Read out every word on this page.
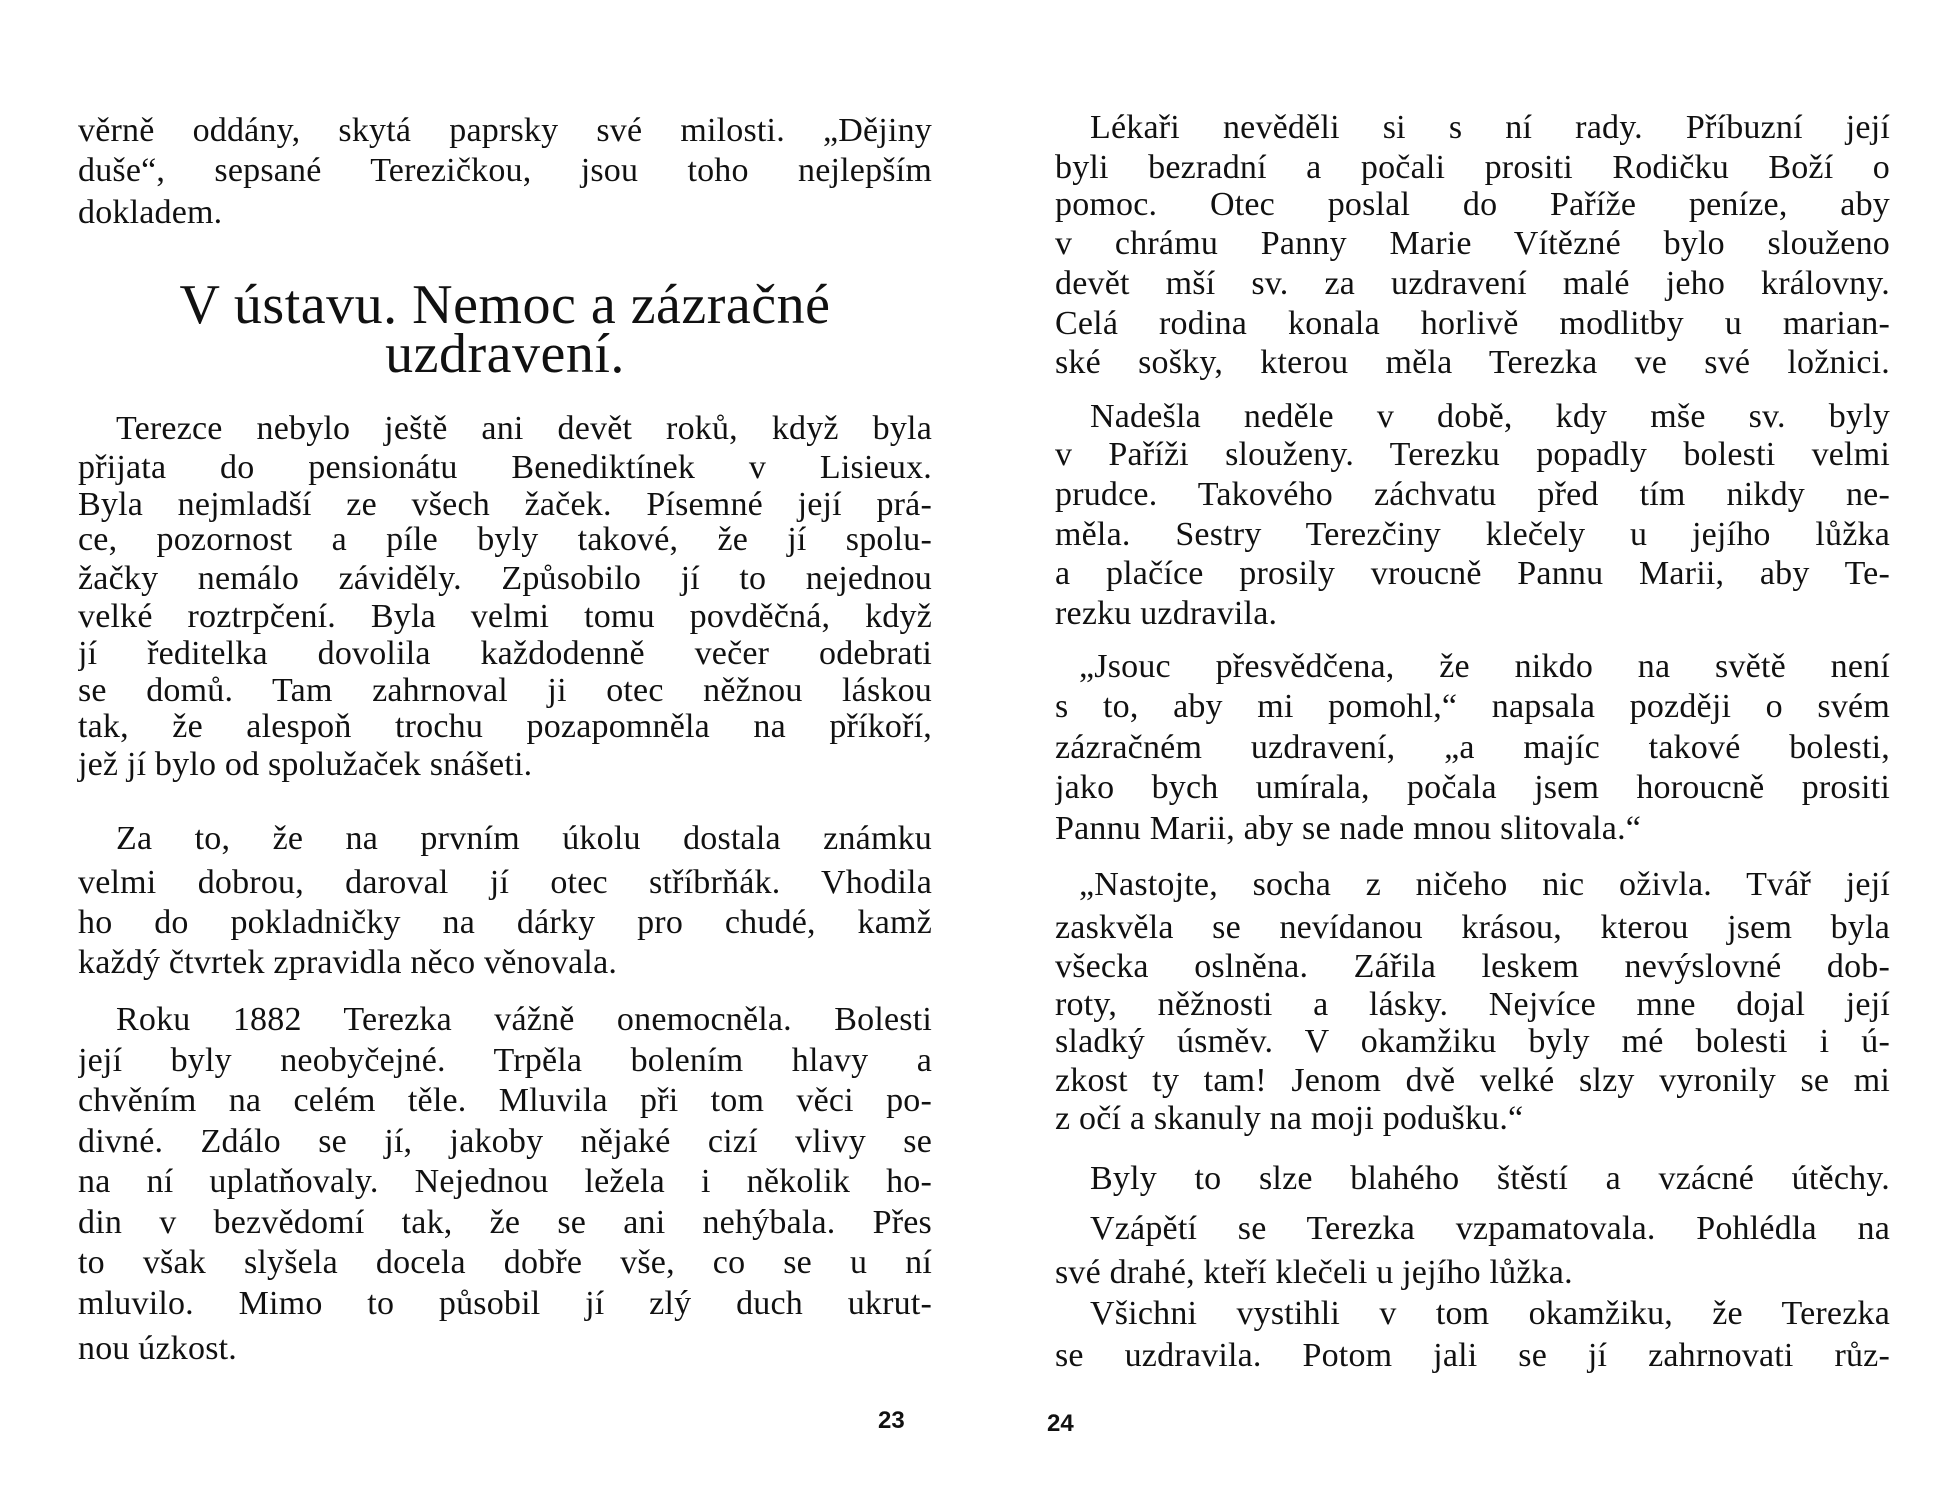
věrně oddány, skytá paprsky své milosti. „Dějiny
duše“, sepsané Terezičkou, jsou toho nejlepším
dokladem.
V ústavu. Nemoc a zázračné
uzdravení.
Terezce nebylo ještě ani devět roků, když byla
přijata do pensionátu Benediktínek v Lisieux.
Byla nejmladší ze všech žaček. Písemné její prá-
ce, pozornost a píle byly takové, že jí spolu-
žačky nemálo záviděly. Způsobilo jí to nejednou
velké roztrpčení. Byla velmi tomu povděčná, když
jí ředitelka dovolila každodenně večer odebrati
se domů. Tam zahrnoval ji otec něžnou láskou
tak, že alespoň trochu pozapomněla na příkoří,
jež jí bylo od spolužaček snášeti.
Za to, že na prvním úkolu dostala známku
velmi dobrou, daroval jí otec stříbrňák. Vhodila
ho do pokladničky na dárky pro chudé, kamž
každý čtvrtek zpravidla něco věnovala.
Roku 1882 Terezka vážně onemocněla. Bolesti
její byly neobyčejné. Trpěla bolením hlavy a
chvěním na celém těle. Mluvila při tom věci po-
divné. Zdálo se jí, jakoby nějaké cizí vlivy se
na ní uplatňovaly. Nejednou ležela i několik ho-
din v bezvědomí tak, že se ani nehýbala. Přes
to však slyšela docela dobře vše, co se u ní
mluvilo. Mimo to působil jí zlý duch ukrut-
nou úzkost.
23
Lékaři nevěděli si s ní rady. Příbuzní její
byli bezradní a počali prositi Rodičku Boží o
pomoc. Otec poslal do Paříže peníze, aby
v chrámu Panny Marie Vítězné bylo slouženo
devět mší sv. za uzdravení malé jeho královny.
Celá rodina konala horlivě modlitby u marian-
ské sošky, kterou měla Terezka ve své ložnici.
Nadešla neděle v době, kdy mše sv. byly
v Paříži slouženy. Terezku popadly bolesti velmi
prudce. Takového záchvatu před tím nikdy ne-
měla. Sestry Terezčiny klečely u jejího lůžka
a plačíce prosily vroucně Pannu Marii, aby Te-
rezku uzdravila.
„Jsouc přesvědčena, že nikdo na světě není
s to, aby mi pomohl,“ napsala později o svém
zázračném uzdravení, „a majíc takové bolesti,
jako bych umírala, počala jsem horoucně prositi
Pannu Marii, aby se nade mnou slitovala.“
„Nastojte, socha z ničeho nic oživla. Tvář její
zaskvěla se nevídanou krásou, kterou jsem byla
všecka oslněna. Zářila leskem nevýslovné dob-
roty, něžnosti a lásky. Nejvíce mne dojal její
sladký úsměv. V okamžiku byly mé bolesti i ú-
zkost ty tam! Jenom dvě velké slzy vyronily se mi
z očí a skanuly na moji podušku.“
Byly to slze blahého štěstí a vzácné útěchy.
Vzápětí se Terezka vzpamatovala. Pohlédla na
své drahé, kteří klečeli u jejího lůžka.
Všichni vystihli v tom okamžiku, že Terezka
se uzdravila. Potom jali se jí zahrnovati růz-
24
